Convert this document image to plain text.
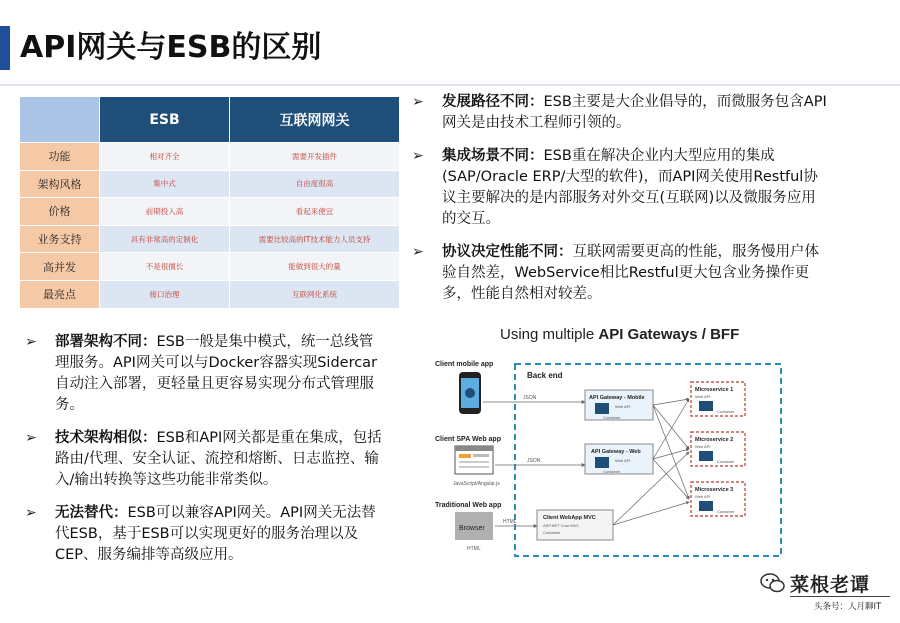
API网关与ESB的区别
	ESB	互联网网关
功能	相对齐全	需要开发插件
架构风格	集中式	自由度很高
价格	前期投入高	看起来便宜
业务支持	具有非常高的定制化	需要比较高的IT技术能力人员支持
高并发	不是很擅长	能做到很大的量
最亮点	接口治理	互联网化系统
➢ 发展路径不同：ESB主要是大企业倡导的，而微服务包含API网关是由技术工程师引领的。
➢ 集成场景不同：ESB重在解决企业内大型应用的集成(SAP/Oracle ERP/大型的软件)，而API网关使用Restful协议主要解决的是内部服务对外交互(互联网)以及微服务应用的交互。
➢ 协议决定性能不同：互联网需要更高的性能，服务慢用户体验自然差，WebService相比Restful更大包含业务操作更多，性能自然相对较差。
➢ 部署架构不同：ESB一般是集中模式，统一总线管理服务。API网关可以与Docker容器实现Sidercar自动注入部署，更轻量且更容易实现分布式管理服务。
➢ 技术架构相似：ESB和API网关都是重在集成，包括路由/代理、安全认证、流控和熔断、日志监控、输入/输出转换等这些功能非常类似。
➢ 无法替代：ESB可以兼容API网关。API网关无法替代ESB，基于ESB可以实现更好的服务治理以及CEP、服务编排等高级应用。
Using multiple API Gateways / BFF
Back end
Client mobile app
Client SPA Web app
Traditional Web app
JavaScript/Angular.js
Browser
HTML
JSON
JSON
HTML
API Gateway - Mobile
Web API
Container
API Gateway - Web
Web API
Container
Client WebApp MVC
ASP.NET Core MVC
Container
Microservice 1
Web API
Container
Microservice 2
Web API
Container
Microservice 3
Web API
Container
菜根老谭
头条号：人月聊IT
